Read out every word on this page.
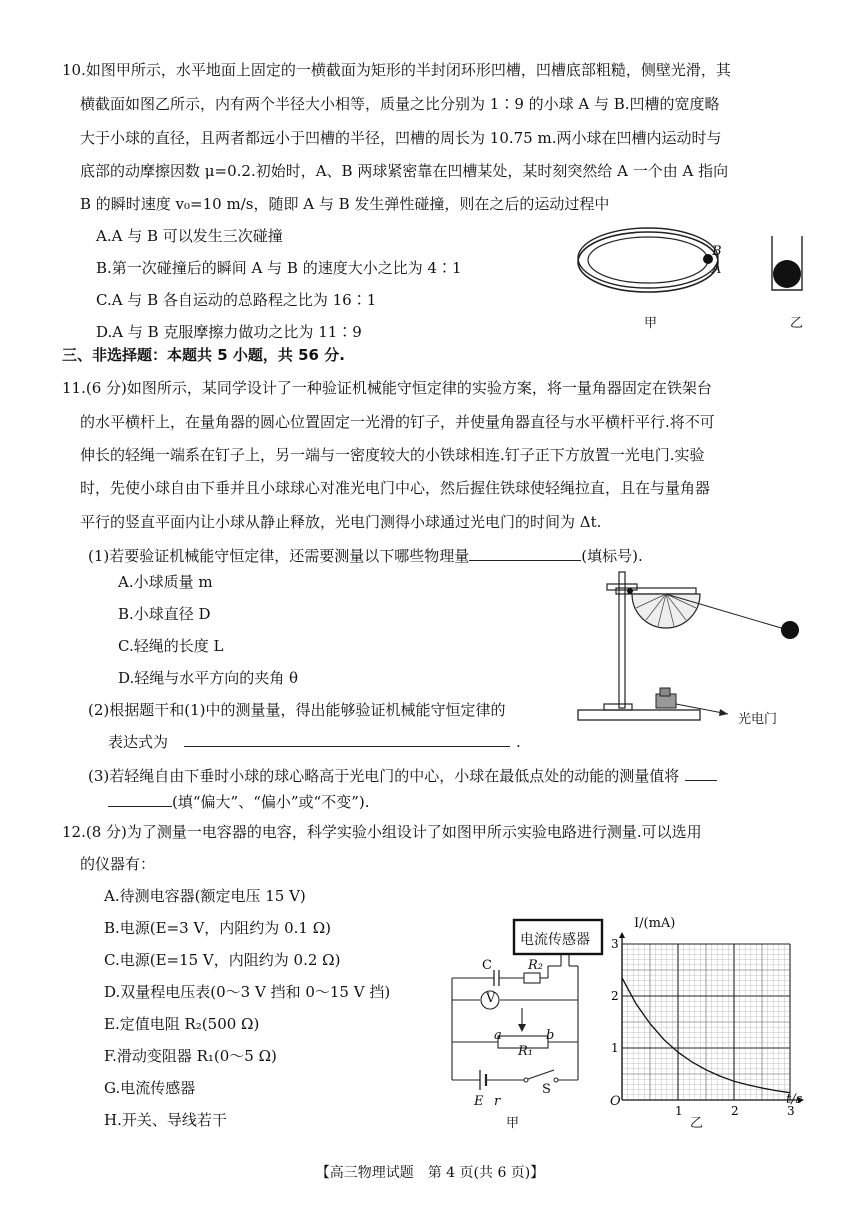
10.如图甲所示，水平地面上固定的一横截面为矩形的半封闭环形凹槽，凹槽底部粗糙，侧壁光滑，其
横截面如图乙所示，内有两个半径大小相等，质量之比分别为 1∶9 的小球 A 与 B.凹槽的宽度略
大于小球的直径，且两者都远小于凹槽的半径，凹槽的周长为 10.75 m.两小球在凹槽内运动时与
底部的动摩擦因数 μ=0.2.初始时，A、B 两球紧密靠在凹槽某处，某时刻突然给 A 一个由 A 指向
B 的瞬时速度 v₀=10 m/s，随即 A 与 B 发生弹性碰撞，则在之后的运动过程中
A.A 与 B 可以发生三次碰撞
B.第一次碰撞后的瞬间 A 与 B 的速度大小之比为 4∶1
C.A 与 B 各自运动的总路程之比为 16∶1
D.A 与 B 克服摩擦力做功之比为 11∶9
B
A
甲	乙
三、非选择题：本题共 5 小题，共 56 分.
11.(6 分)如图所示，某同学设计了一种验证机械能守恒定律的实验方案，将一量角器固定在铁架台
的水平横杆上，在量角器的圆心位置固定一光滑的钉子，并使量角器直径与水平横杆平行.将不可
伸长的轻绳一端系在钉子上，另一端与一密度较大的小铁球相连.钉子正下方放置一光电门.实验
时，先使小球自由下垂并且小球球心对准光电门中心，然后握住铁球使轻绳拉直，且在与量角器
平行的竖直平面内让小球从静止释放，光电门测得小球通过光电门的时间为 Δt.
(1)若要验证机械能守恒定律，还需要测量以下哪些物理量	(填标号).
A.小球质量 m
B.小球直径 D
C.轻绳的长度 L
D.轻绳与水平方向的夹角 θ
(2)根据题干和(1)中的测量量，得出能够验证机械能守恒定律的
表达式为	.
(3)若轻绳自由下垂时小球的球心略高于光电门的中心，小球在最低点处的动能的测量值将
(填“偏大”、“偏小”或“不变”).
光电门
12.(8 分)为了测量一电容器的电容，科学实验小组设计了如图甲所示实验电路进行测量.可以选用
的仪器有：
A.待测电容器(额定电压 15 V)
B.电源(E=3 V，内阻约为 0.1 Ω)
C.电源(E=15 V，内阻约为 0.2 Ω)
D.双量程电压表(0～3 V 挡和 0～15 V 挡)
E.定值电阻 R₂(500 Ω)
F.滑动变阻器 R₁(0～5 Ω)
G.电流传感器
H.开关、导线若干
电流传感器
C	R₂
V
a
R₁
b
S
E r
甲
1
2
3
1	2	3
I/(mA)
t/s
O
乙
【高三物理试题　第 4 页(共 6 页)】
